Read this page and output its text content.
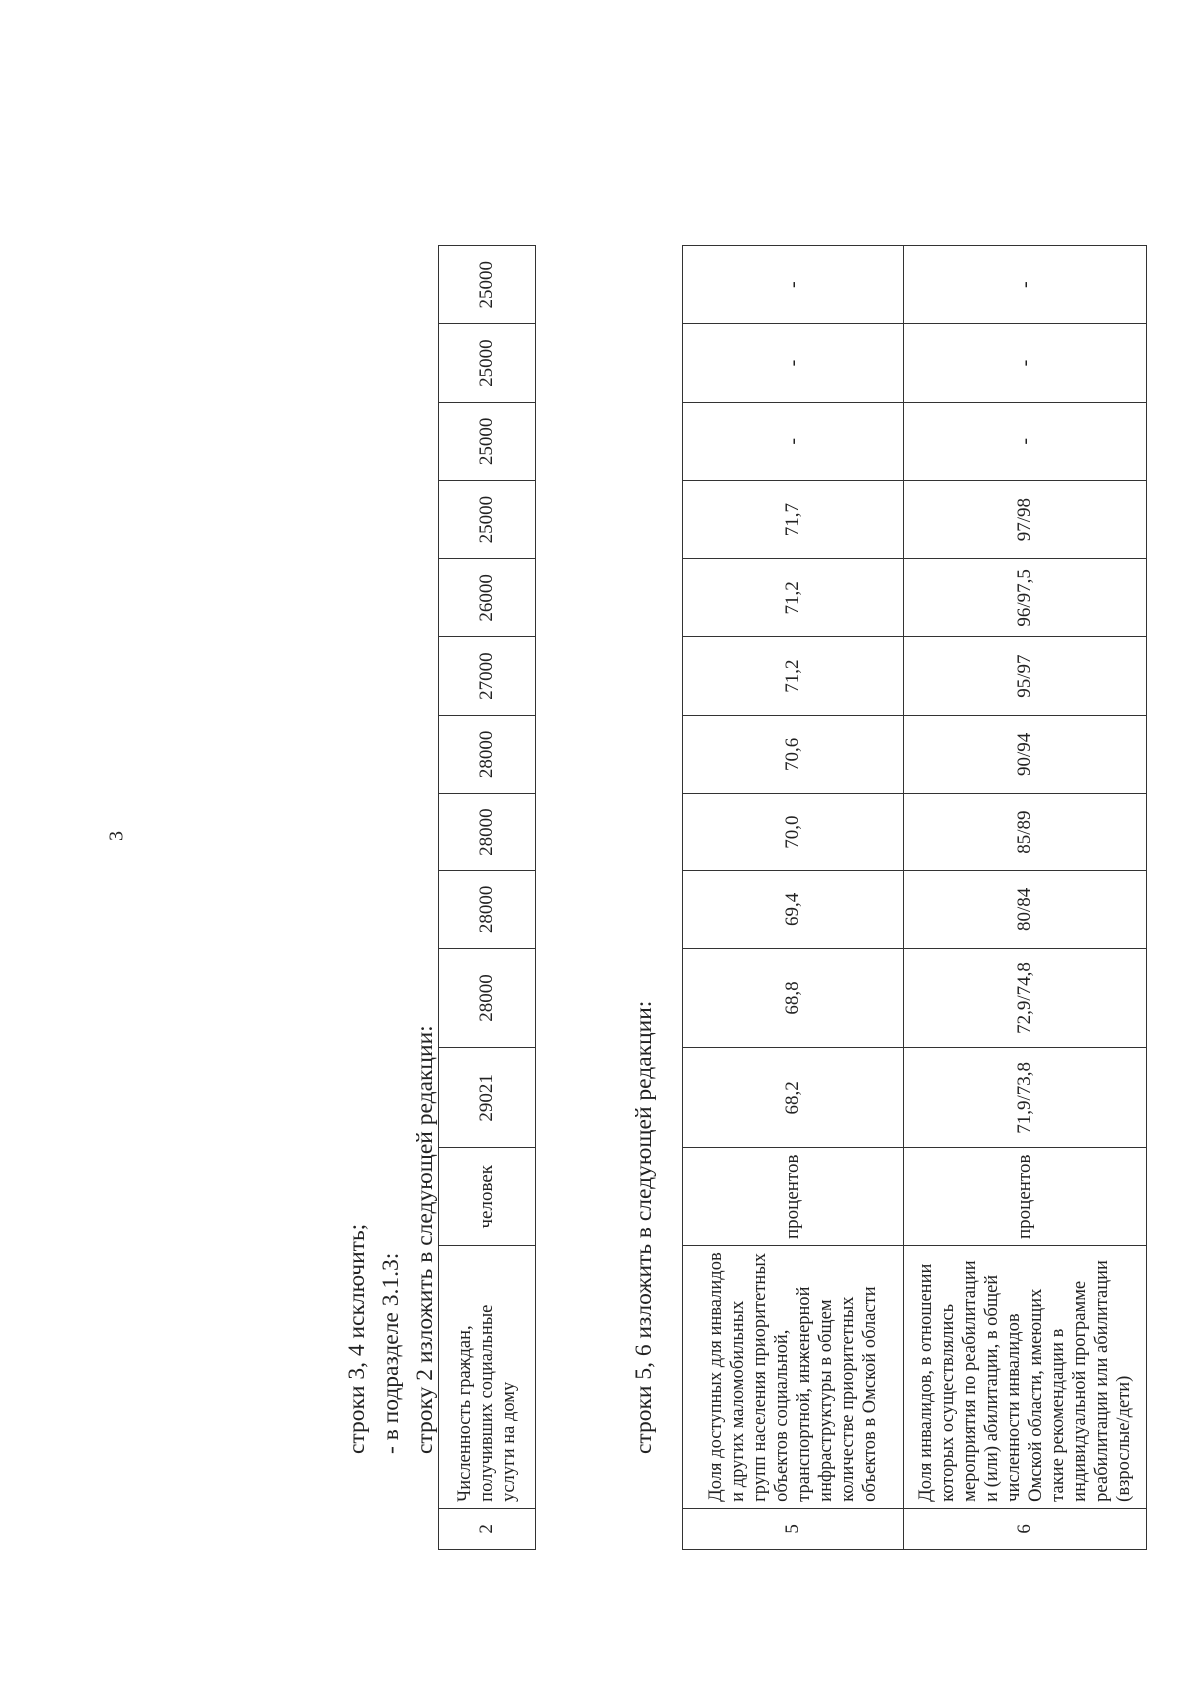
3
строки 3, 4 исключить; - в подразделе 3.1.3: строку 2 изложить в следующей редакции:
2	Численность граждан, получивших социальные услуги на дому	человек	29021	28000	28000	28000	28000	27000	26000	25000	25000	25000	25000
строки 5, 6 изложить в следующей редакции:
5	Доля доступных для инвалидов и других маломобильных групп населения приоритетных объектов социальной, транспортной, инженерной инфраструктуры в общем количестве приоритетных объектов в Омской области	процентов	68,2	68,8	69,4	70,0	70,6	71,2	71,2	71,7	-	-	-
6	Доля инвалидов, в отношении которых осуществлялись мероприятия по реабилитации и (или) абилитации, в общей численности инвалидов Омской области, имеющих такие рекомендации в индивидуальной программе реабилитации или абилитации (взрослые/дети)	процентов	71,9/73,8	72,9/74,8	80/84	85/89	90/94	95/97	96/97,5	97/98	-	-	-
